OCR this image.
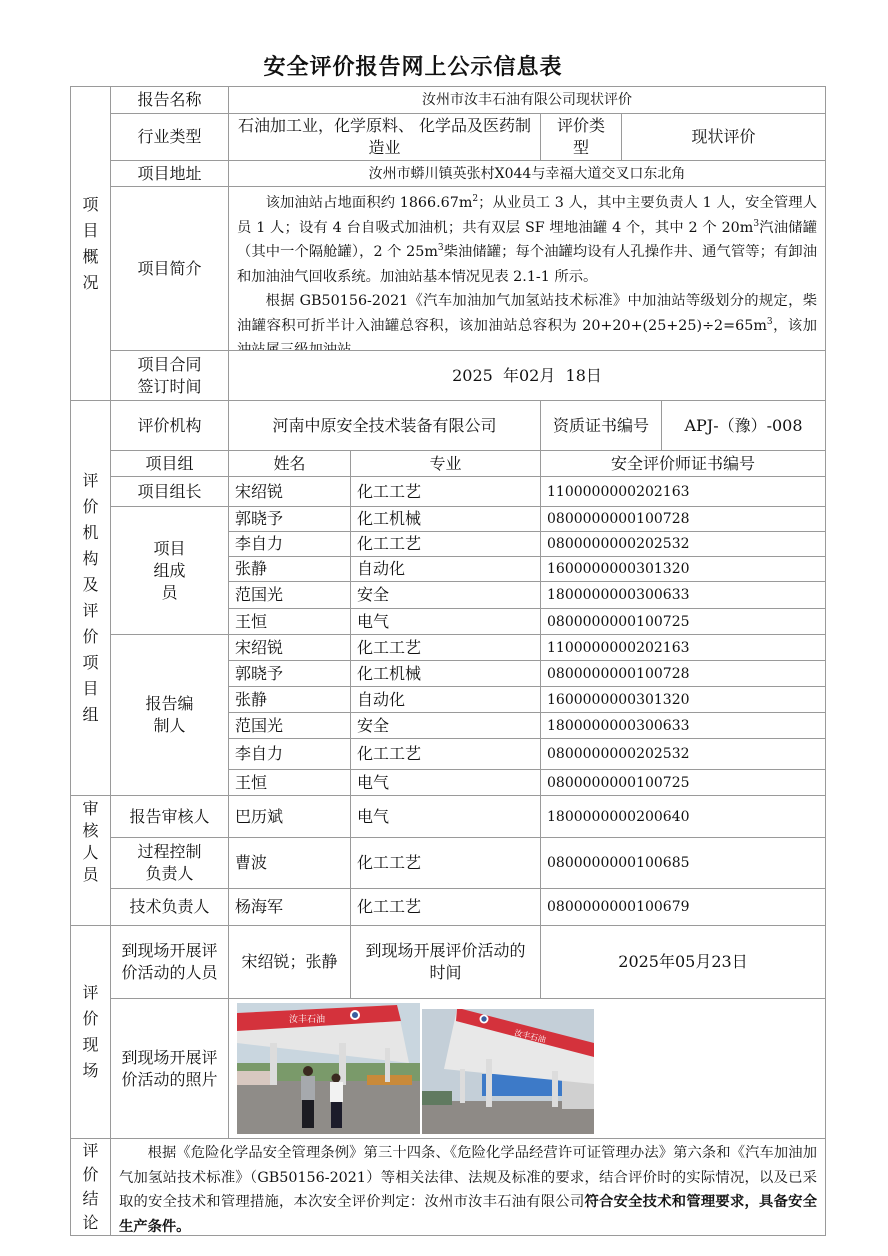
安全评价报告网上公示信息表
项目概况
报告名称	汝州市汝丰石油有限公司现状评价
行业类型
石油加工业，化学原料、 化学品及医药制造业
评价类型
现状评价
项目地址	汝州市蟒川镇英张村X044与幸福大道交叉口东北角
项目简介

该加油站占地面积约 $1866.67m^2$；从业员工 3 人，其中主要负责人 1 人，安全管理人员 1 人；设有 4 台自吸式加油机；共有双层 SF 埋地油罐 4 个，其中 2 个 $20m^3$汽油储罐（其中一个隔舱罐），2 个 $25m^3$柴油储罐；每个油罐均设有人孔操作井、通气管等；有卸油和加油油气回收系统。加油站基本情况见表 2.1-1 所示。

根据 GB50156-2021《汽车加油加气加氢站技术标准》中加油站等级划分的规定，柴油罐容积可折半计入油罐总容积，该加油站总容积为 $20+20+(25+25)\div 2=65m^3$，该加

项目合同签订时间
2025  年02月  18日
评价机构及评价项目组
评价机构	河南中原安全技术装备有限公司	资质证书编号 APJ-（豫）-008
项目组	姓名	专业	安全评价师证书编号
项目组长 宋绍锐	化工工艺	1100000000202163
项目组成员
郭晓予	化工机械	0800000000100728
李自力	化工工艺	0800000000202532
张静	自动化	1600000000301320
范国光	安全	1800000000300633
王恒	电气	0800000000100725
报告编制人
宋绍锐	化工工艺	1100000000202163
郭晓予	化工机械	0800000000100728
张静	自动化	1600000000301320
范国光	安全	1800000000300633
李自力	化工工艺	0800000000202532
王恒	电气	0800000000100725
审核人员
报告审核人 巴历斌	电气	1800000000200640
过程控制负责人
曹波	化工工艺	0800000000100685
技术负责人 杨海军	化工工艺	0800000000100679
评价现场
到现场开展评价活动的人员
宋绍锐；张静
到现场开展评价活动的时间
2025年05月23日
到现场开展评价活动的照片
汝丰石油
汝丰石油
评价结论

根据《危险化学品安全管理条例》第三十四条、《危险化学品经营许可证管理办法》第六条和《汽车加油加气加氢站技术标准》（GB50156-2021）等相关法律、法规及标准的要求，结合评价时的实际情况，以及已采取的安全技术和管理措施，本次安全评价判定：汝州市汝丰石油有限公司符合安全技术和管理要求，具备安全生产条件。
